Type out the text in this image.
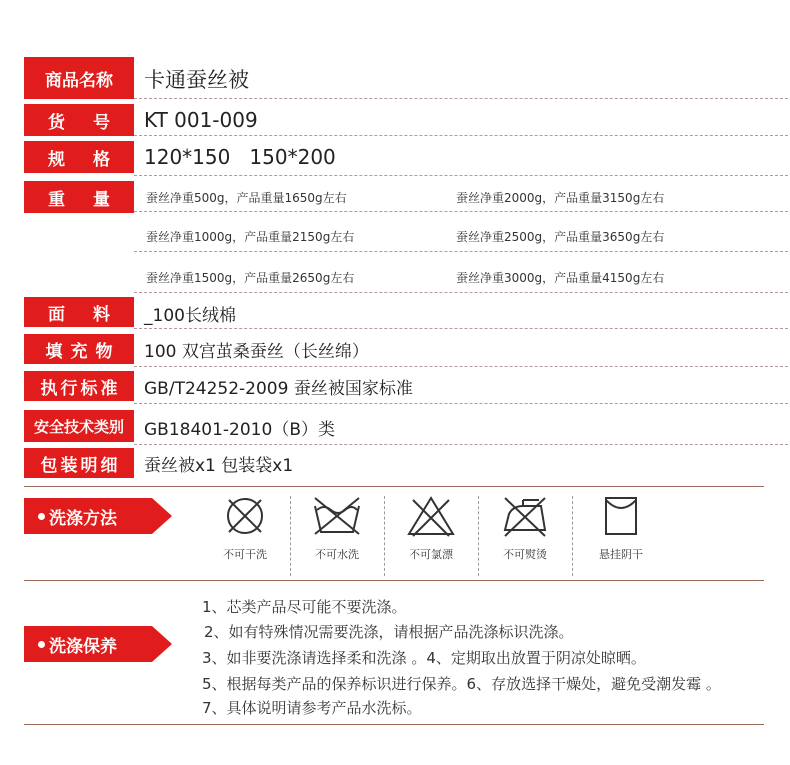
商品名称	卡通蚕丝被
货 号 KT 001-009
规 格 120*150   150*200
重 量	蚕丝净重500g，产品重量1650g左右	蚕丝净重2000g，产品重量3150g左右
蚕丝净重1000g，产品重量2150g左右	蚕丝净重2500g，产品重量3650g左右
蚕丝净重1500g，产品重量2650g左右	蚕丝净重3000g，产品重量4150g左右
面 料 _100长绒棉
填充物 100 双宫茧桑蚕丝（长丝绵）
执行标准 GB/T24252-2009 蚕丝被国家标准
安全技术类别	GB18401-2010（B）类
包装明细 蚕丝被x1 包装袋x1
洗涤方法
不可干洗	不可水洗	不可氯漂	不可熨烫	悬挂阴干
洗涤保养
1、芯类产品尽可能不要洗涤。
2、如有特殊情况需要洗涤，请根据产品洗涤标识洗涤。
3、如非要洗涤请选择柔和洗涤 。4、定期取出放置于阴凉处晾晒。
5、根据每类产品的保养标识进行保养。6、存放选择干燥处，避免受潮发霉 。
7、具体说明请参考产品水洗标。
